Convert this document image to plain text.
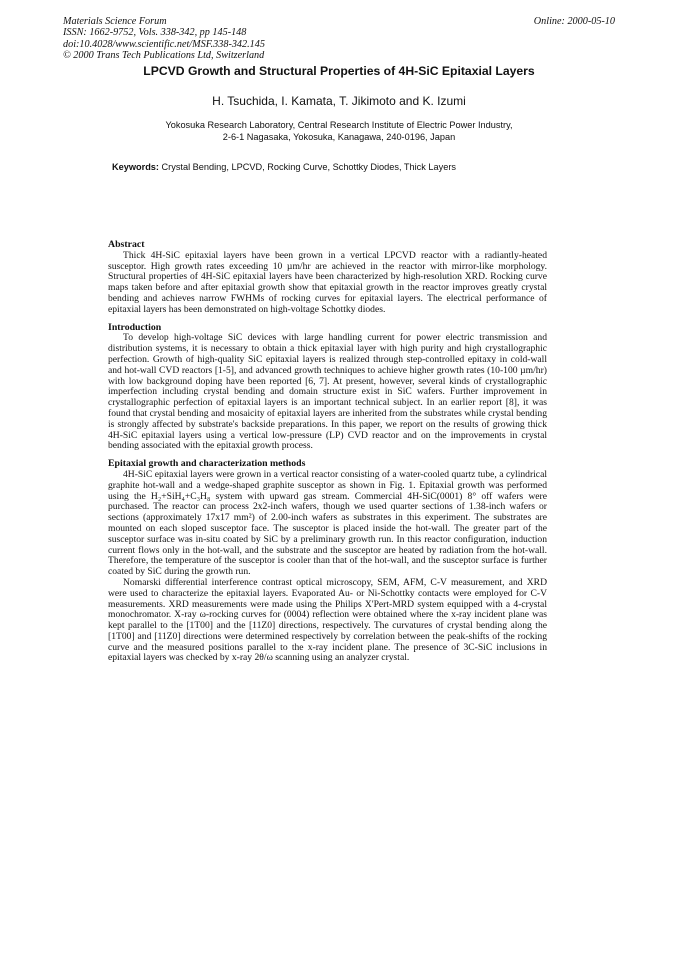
Materials Science Forum
ISSN: 1662-9752, Vols. 338-342, pp 145-148
doi:10.4028/www.scientific.net/MSF.338-342.145
© 2000 Trans Tech Publications Ltd, Switzerland
Online: 2000-05-10
LPCVD Growth and Structural Properties of 4H-SiC Epitaxial Layers
H. Tsuchida, I. Kamata, T. Jikimoto and K. Izumi
Yokosuka Research Laboratory, Central Research Institute of Electric Power Industry,
2-6-1 Nagasaka, Yokosuka, Kanagawa, 240-0196, Japan
Keywords: Crystal Bending, LPCVD, Rocking Curve, Schottky Diodes, Thick Layers
Abstract

Thick 4H-SiC epitaxial layers have been grown in a vertical LPCVD reactor with a radiantly-heated susceptor. High growth rates exceeding 10 µm/hr are achieved in the reactor with mirror-like morphology. Structural properties of 4H-SiC epitaxial layers have been characterized by high-resolution XRD. Rocking curve maps taken before and after epitaxial growth show that epitaxial growth in the reactor improves greatly crystal bending and achieves narrow FWHMs of rocking curves for epitaxial layers. The electrical performance of epitaxial layers has been demonstrated on high-voltage Schottky diodes.

Introduction

To develop high-voltage SiC devices with large handling current for power electric transmission and distribution systems, it is necessary to obtain a thick epitaxial layer with high purity and high crystallographic perfection. Growth of high-quality SiC epitaxial layers is realized through step-controlled epitaxy in cold-wall and hot-wall CVD reactors [1-5], and advanced growth techniques to achieve higher growth rates (10-100 µm/hr) with low background doping have been reported [6, 7]. At present, however, several kinds of crystallographic imperfection including crystal bending and domain structure exist in SiC wafers. Further improvement in crystallographic perfection of epitaxial layers is an important technical subject. In an earlier report [8], it was found that crystal bending and mosaicity of epitaxial layers are inherited from the substrates while crystal bending is strongly affected by substrate's backside preparations. In this paper, we report on the results of growing thick 4H-SiC epitaxial layers using a vertical low-pressure (LP) CVD reactor and on the improvements in crystal bending associated with the epitaxial growth process.

Epitaxial growth and characterization methods

4H-SiC epitaxial layers were grown in a vertical reactor consisting of a water-cooled quartz tube, a cylindrical graphite hot-wall and a wedge-shaped graphite susceptor as shown in Fig. 1. Epitaxial growth was performed using the H₂+SiH₄+C₃H₈ system with upward gas stream. Commercial 4H-SiC(0001) 8° off wafers were purchased. The reactor can process 2x2-inch wafers, though we used quarter sections of 1.38-inch wafers or sections (approximately 17x17 mm²) of 2.00-inch wafers as substrates in this experiment. The substrates are mounted on each sloped susceptor face. The susceptor is placed inside the hot-wall. The greater part of the susceptor surface was in-situ coated by SiC by a preliminary growth run. In this reactor configuration, induction current flows only in the hot-wall, and the substrate and the susceptor are heated by radiation from the hot-wall. Therefore, the temperature of the susceptor is cooler than that of the hot-wall, and the susceptor surface is further coated by SiC during the growth run.

Nomarski differential interference contrast optical microscopy, SEM, AFM, C-V measurement, and XRD were used to characterize the epitaxial layers. Evaporated Au- or Ni-Schottky contacts were employed for C-V measurements. XRD measurements were made using the Philips X'Pert-MRD system equipped with a 4-crystal monochromator. X-ray ω-rocking curves for (0004) reflection were obtained where the x-ray incident plane was kept parallel to the [1T00] and the [11Z0] directions, respectively. The curvatures of crystal bending along the [1T00] and [11Z0] directions were determined respectively by correlation between the peak-shifts of the rocking curve and the measured positions parallel to the x-ray incident plane. The presence of 3C-SiC inclusions in epitaxial layers was checked by x-ray 2θ/ω scanning using an analyzer crystal.
